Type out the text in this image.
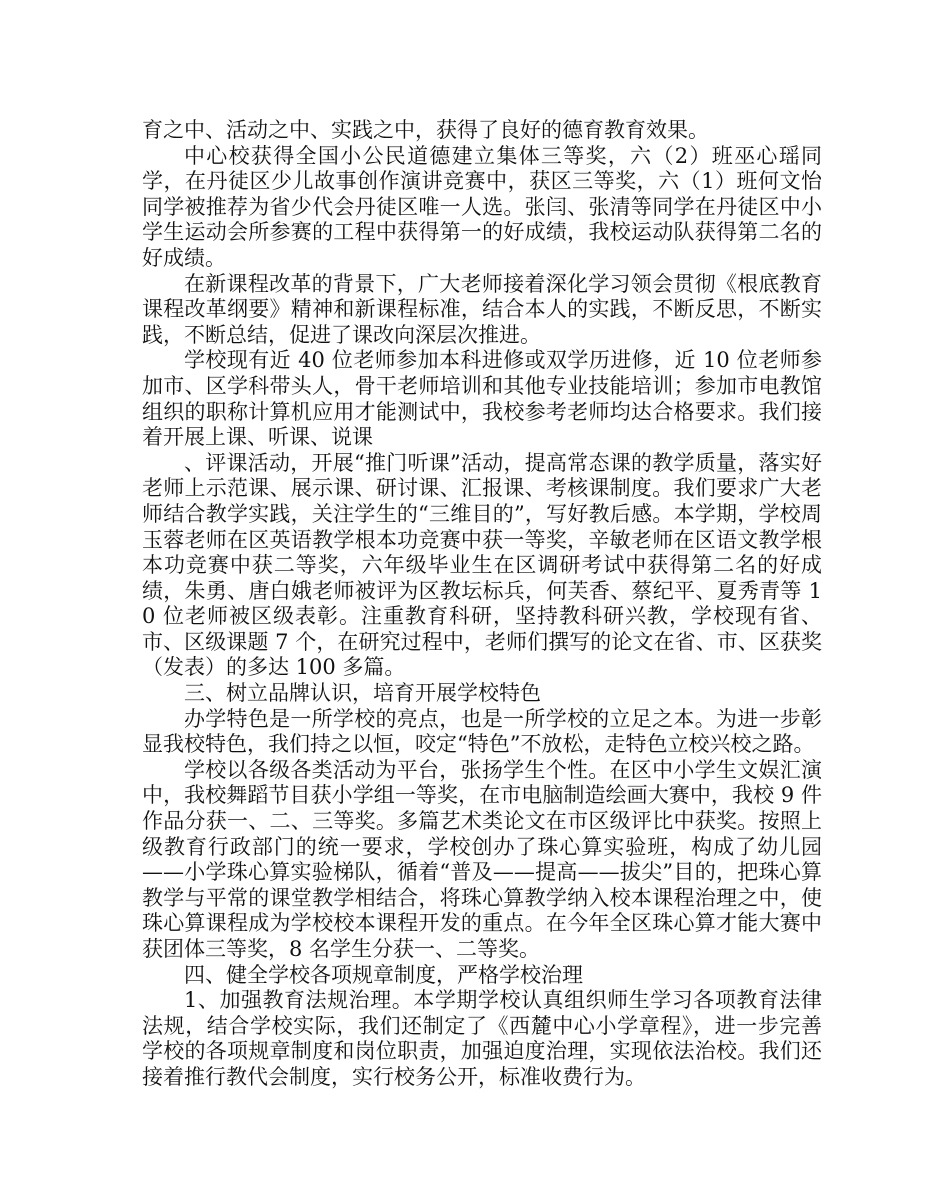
育之中、活动之中、实践之中，获得了良好的德育教育效果。

中心校获得全国小公民道德建立集体三等奖，六（2）班巫心瑶同学，在丹徒区少儿故事创作演讲竞赛中，获区三等奖，六（1）班何文怡同学被推荐为省少代会丹徒区唯一人选。张闫、张清等同学在丹徒区中小学生运动会所参赛的工程中获得第一的好成绩，我校运动队获得第二名的好成绩。

在新课程改革的背景下，广大老师接着深化学习领会贯彻《根底教育课程改革纲要》精神和新课程标准，结合本人的实践，不断反思，不断实践，不断总结，促进了课改向深层次推进。

学校现有近 40 位老师参加本科进修或双学历进修，近 10 位老师参加市、区学科带头人，骨干老师培训和其他专业技能培训；参加市电教馆组织的职称计算机应用才能测试中，我校参考老师均达合格要求。我们接着开展上课、听课、说课

、评课活动，开展“推门听课”活动，提高常态课的教学质量，落实好老师上示范课、展示课、研讨课、汇报课、考核课制度。我们要求广大老师结合教学实践，关注学生的“三维目的”，写好教后感。本学期，学校周玉蓉老师在区英语教学根本功竞赛中获一等奖，辛敏老师在区语文教学根本功竞赛中获二等奖，六年级毕业生在区调研考试中获得第二名的好成绩，朱勇、唐白娥老师被评为区教坛标兵，何芙香、蔡纪平、夏秀青等 10 位老师被区级表彰。注重教育科研，坚持教科研兴教，学校现有省、市、区级课题 7 个，在研究过程中，老师们撰写的论文在省、市、区获奖（发表）的多达 100 多篇。

三、树立品牌认识，培育开展学校特色

办学特色是一所学校的亮点，也是一所学校的立足之本。为进一步彰显我校特色，我们持之以恒，咬定“特色”不放松，走特色立校兴校之路。

学校以各级各类活动为平台，张扬学生个性。在区中小学生文娱汇演中，我校舞蹈节目获小学组一等奖，在市电脑制造绘画大赛中，我校 9 件作品分获一、二、三等奖。多篇艺术类论文在市区级评比中获奖。按照上级教育行政部门的统一要求，学校创办了珠心算实验班，构成了幼儿园——小学珠心算实验梯队，循着“普及——提高——拔尖”目的，把珠心算教学与平常的课堂教学相结合，将珠心算教学纳入校本课程治理之中，使珠心算课程成为学校校本课程开发的重点。在今年全区珠心算才能大赛中获团体三等奖，8 名学生分获一、二等奖。

四、健全学校各项规章制度，严格学校治理

1、加强教育法规治理。本学期学校认真组织师生学习各项教育法律法规，结合学校实际，我们还制定了《西麓中心小学章程》，进一步完善学校的各项规章制度和岗位职责，加强迫度治理，实现依法治校。我们还接着推行教代会制度，实行校务公开，标准收费行为。
